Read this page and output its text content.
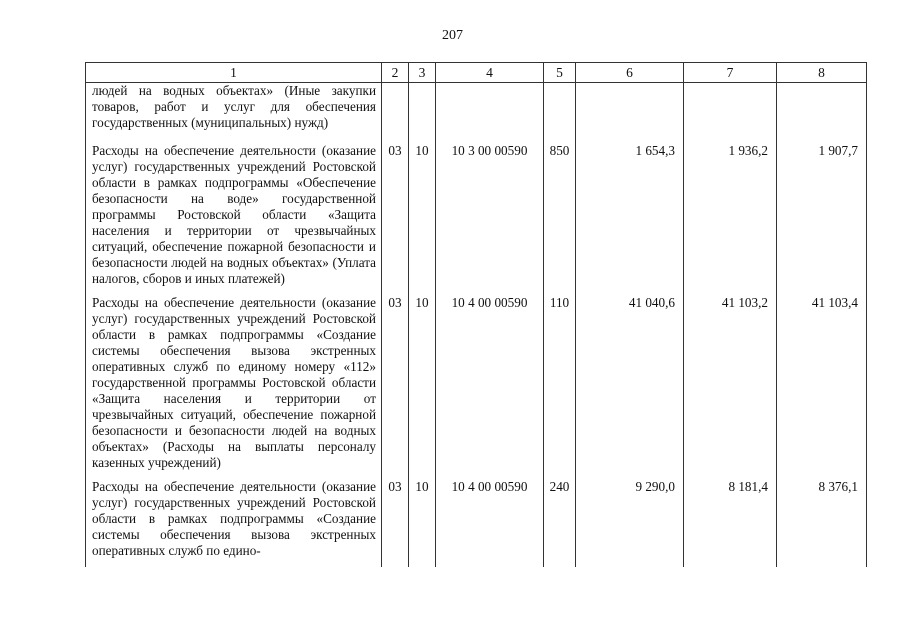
207
1	2	3	4	5	6	7	8
людей на водных объектах» (Иные закупки товаров, работ и услуг для обеспечения государственных (муниципальных) нужд)							
Расходы на обеспечение деятельности (оказание услуг) государственных учреждений Ростовской области в рамках подпрограммы «Обеспечение безопасности на воде» государственной программы Ростовской области «Защита населения и территории от чрезвычайных ситуаций, обеспечение пожарной безопасности и безопасности людей на водных объектах» (Уплата налогов, сборов и иных платежей)	03	10	10 3 00 00590	850	1 654,3	1 936,2	1 907,7
Расходы на обеспечение деятельности (оказание услуг) государственных учреждений Ростовской области в рамках подпрограммы «Создание системы обеспечения вызова экстренных оперативных служб по единому номеру «112» государственной программы Ростовской области «Защита населения и территории от чрезвычайных ситуаций, обеспечение пожарной безопасности и безопасности людей на водных объектах» (Расходы на выплаты персоналу казенных учреждений)	03	10	10 4 00 00590	110	41 040,6	41 103,2	41 103,4
Расходы на обеспечение деятельности (оказание услуг) государственных учреждений Ростовской области в рамках подпрограммы «Создание системы обеспечения вызова экстренных оперативных служб по едино-	03	10	10 4 00 00590	240	9 290,0	8 181,4	8 376,1
